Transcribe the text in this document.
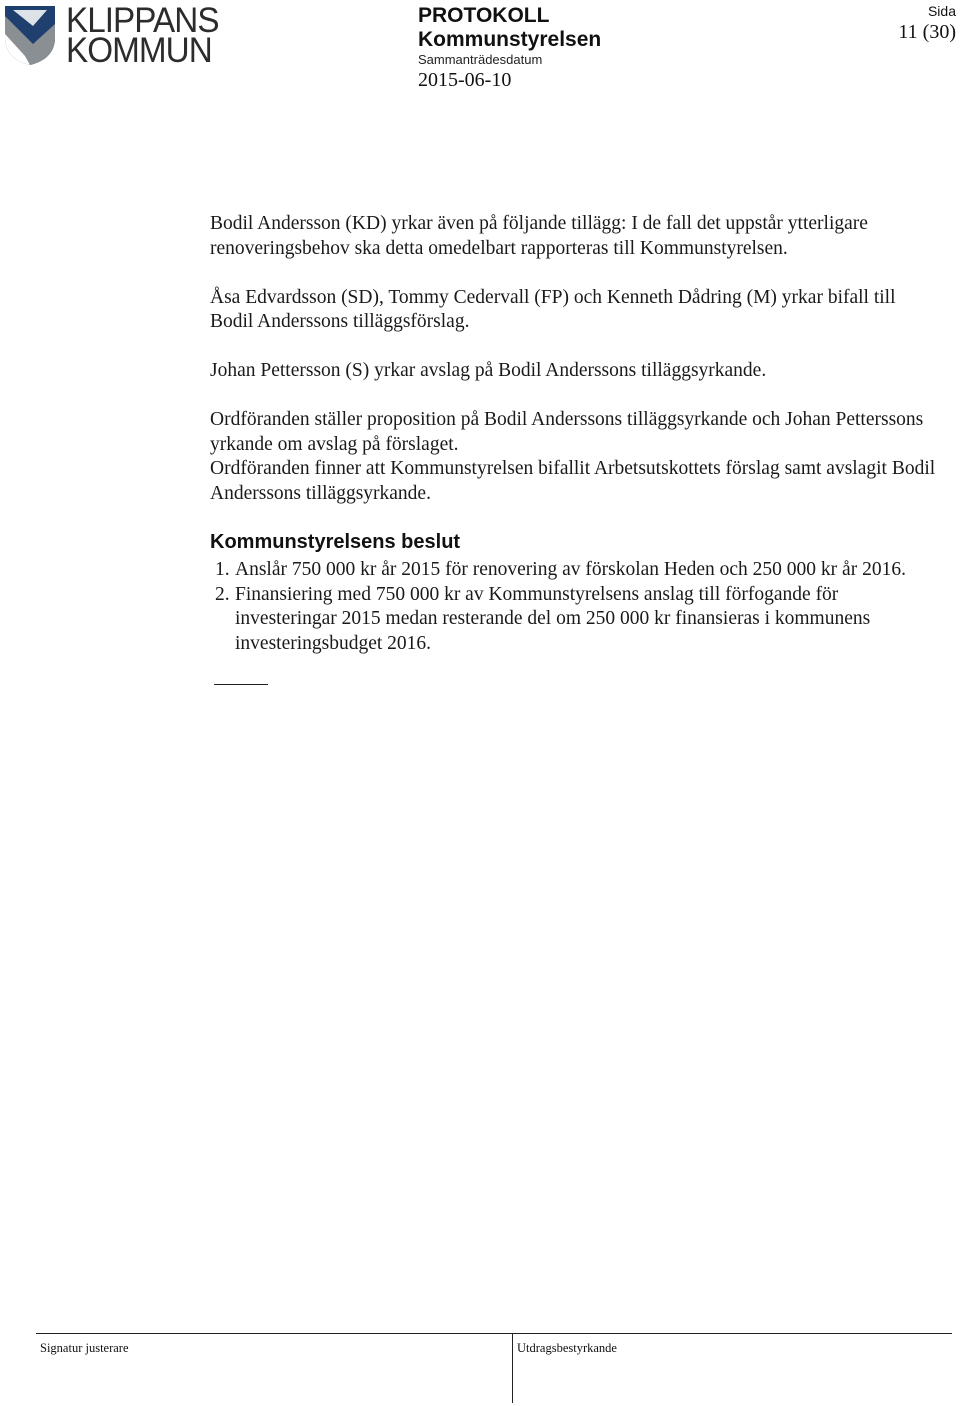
KLIPPANS
KOMMUN
PROTOKOLL
Kommunstyrelsen
Sammanträdesdatum
2015-06-10
Sida
11 (30)

Bodil Andersson (KD) yrkar även på följande tillägg: I de fall det uppstår ytterligare renoveringsbehov ska detta omedelbart rapporteras till Kommunstyrelsen.

Åsa Edvardsson (SD), Tommy Cedervall (FP) och Kenneth Dådring (M) yrkar bifall till Bodil Anderssons tilläggsförslag.

Johan Pettersson (S) yrkar avslag på Bodil Anderssons tilläggsyrkande.

Ordföranden ställer proposition på Bodil Anderssons tilläggsyrkande och Johan Petterssons yrkande om avslag på förslaget.

Ordföranden finner att Kommunstyrelsen bifallit Arbetsutskottets förslag samt avslagit Bodil Anderssons tilläggsyrkande.

Kommunstyrelsens beslut

1. Anslår 750 000 kr år 2015 för renovering av förskolan Heden och 250 000 kr år 2016.
2. Finansiering med 750 000 kr av Kommunstyrelsens anslag till förfogande för investeringar 2015 medan resterande del om 250 000 kr finansieras i kommunens investeringsbudget 2016.
Signatur justerare	Utdragsbestyrkande
